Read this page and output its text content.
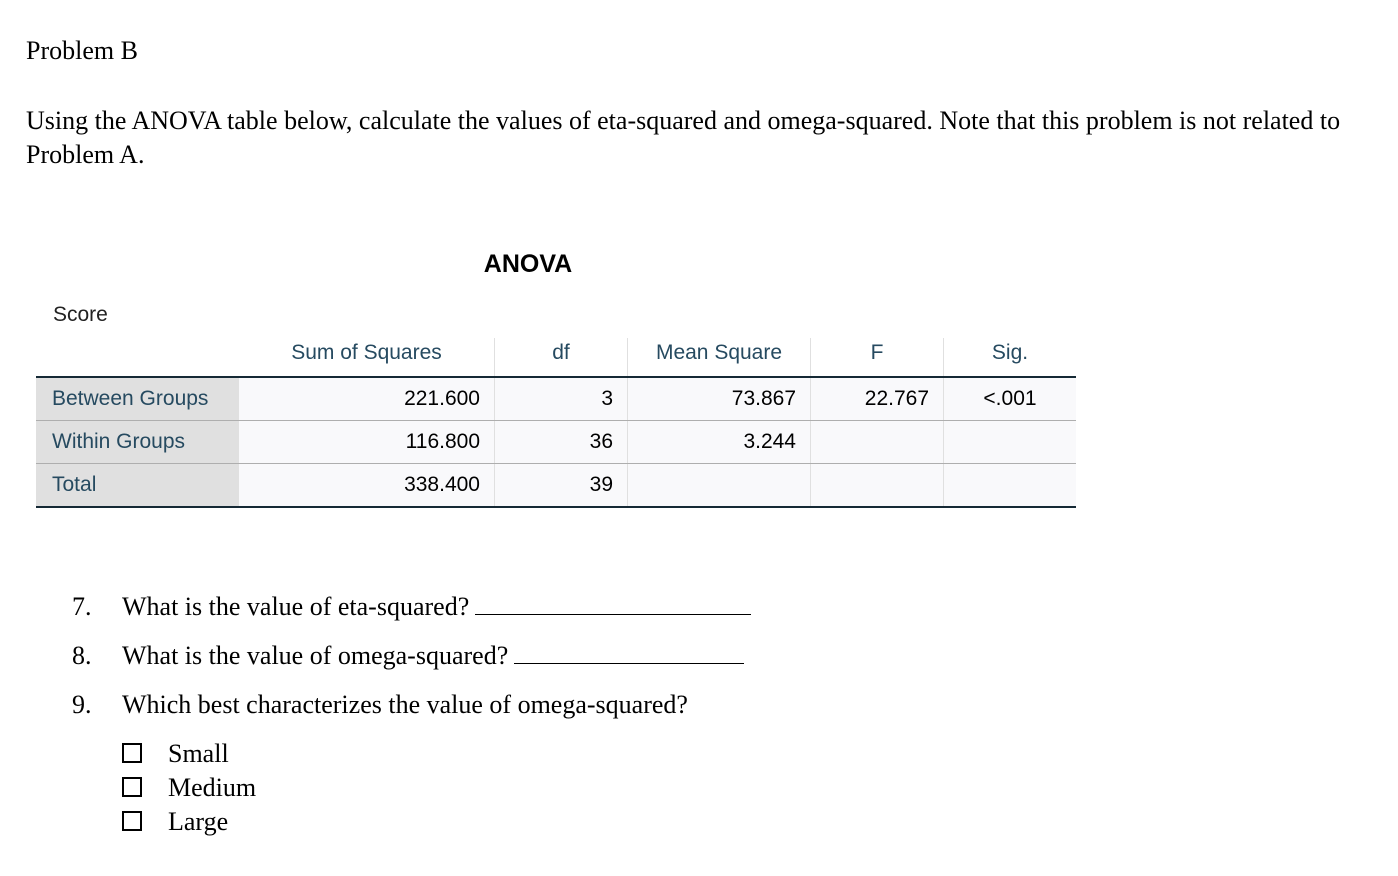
Problem B
Using the ANOVA table below, calculate the values of eta-squared and omega-squared. Note that this problem is not related to Problem A.
ANOVA
Score
	Sum of Squares	df	Mean Square	F	Sig.
Between Groups	221.600	3	73.867	22.767	<.001
Within Groups	116.800	36	3.244		
Total	338.400	39			
7. What is the value of eta-squared?
8. What is the value of omega-squared?
9. Which best characterizes the value of omega-squared?
Small
Medium
Large
